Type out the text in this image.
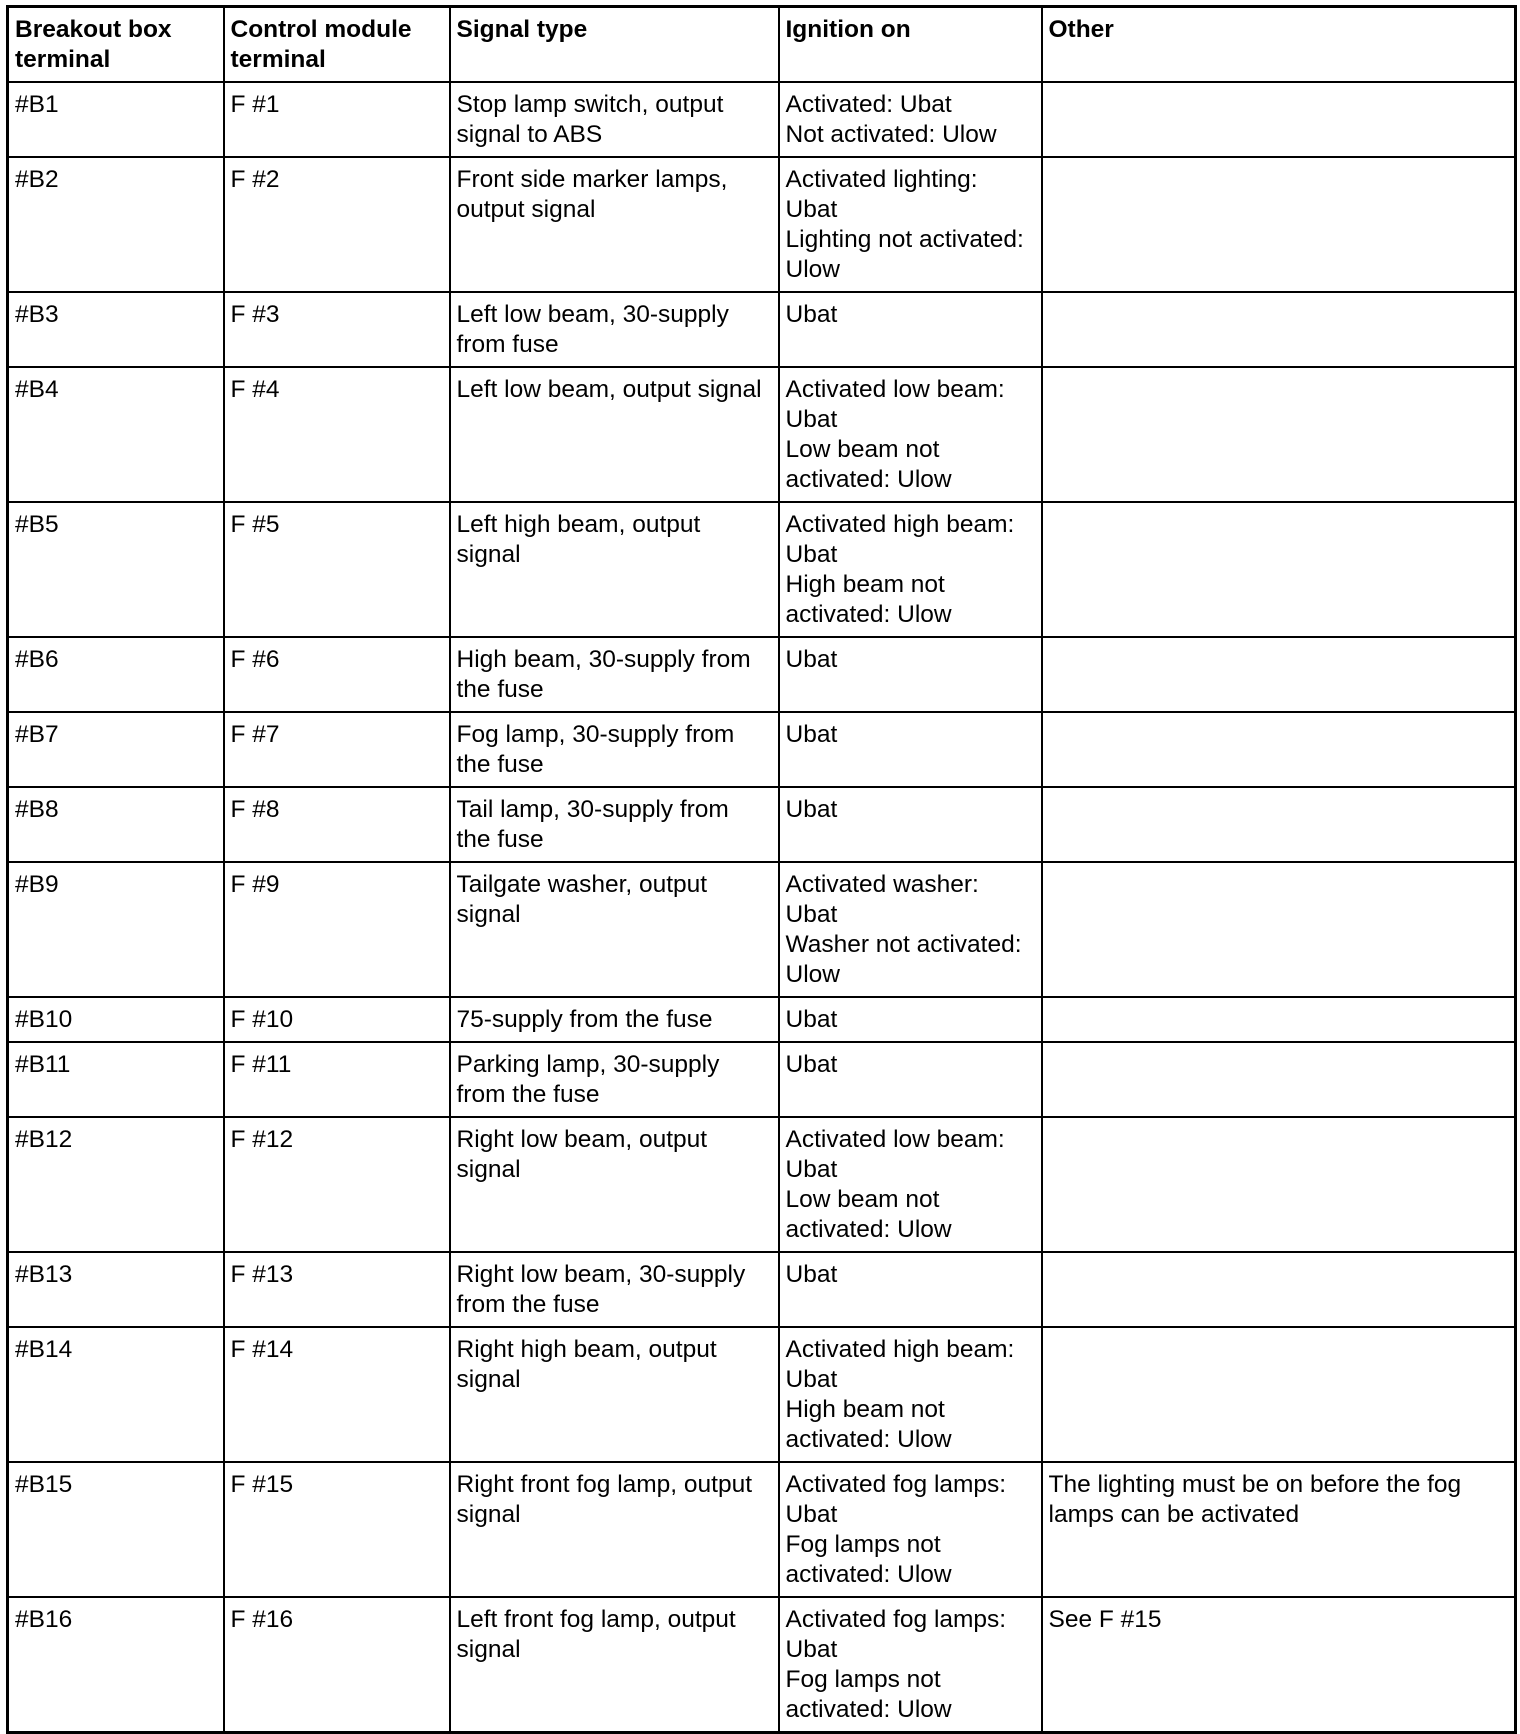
Breakout box
terminal	Control module
terminal	Signal type	Ignition on	Other
#B1	F #1	Stop lamp switch, output
signal to ABS	Activated: Ubat
Not activated: Ulow	
#B2	F #2	Front side marker lamps,
output signal	Activated lighting:
Ubat
Lighting not activated:
Ulow	
#B3	F #3	Left low beam, 30-supply
from fuse	Ubat	
#B4	F #4	Left low beam, output signal	Activated low beam:
Ubat
Low beam not
activated: Ulow	
#B5	F #5	Left high beam, output
signal	Activated high beam:
Ubat
High beam not
activated: Ulow	
#B6	F #6	High beam, 30-supply from
the fuse	Ubat	
#B7	F #7	Fog lamp, 30-supply from
the fuse	Ubat	
#B8	F #8	Tail lamp, 30-supply from
the fuse	Ubat	
#B9	F #9	Tailgate washer, output
signal	Activated washer:
Ubat
Washer not activated:
Ulow	
#B10	F #10	75-supply from the fuse	Ubat	
#B11	F #11	Parking lamp, 30-supply
from the fuse	Ubat	
#B12	F #12	Right low beam, output
signal	Activated low beam:
Ubat
Low beam not
activated: Ulow	
#B13	F #13	Right low beam, 30-supply
from the fuse	Ubat	
#B14	F #14	Right high beam, output
signal	Activated high beam:
Ubat
High beam not
activated: Ulow	
#B15	F #15	Right front fog lamp, output
signal	Activated fog lamps:
Ubat
Fog lamps not
activated: Ulow	The lighting must be on before the fog
lamps can be activated
#B16	F #16	Left front fog lamp, output
signal	Activated fog lamps:
Ubat
Fog lamps not
activated: Ulow	See F #15
